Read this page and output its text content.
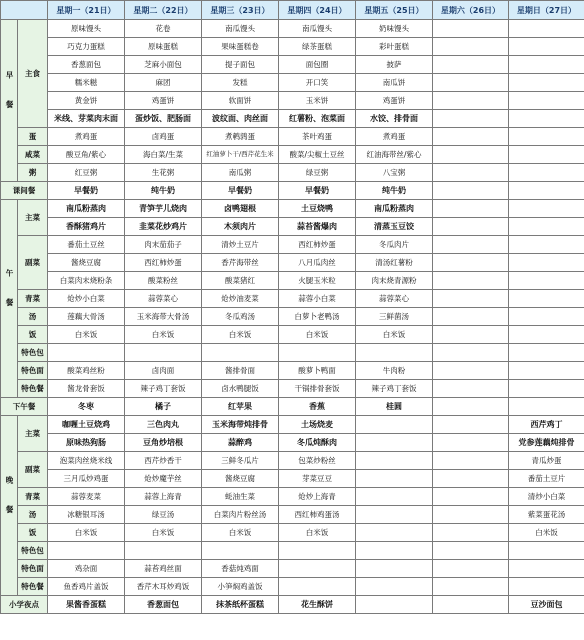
		星期一（21日）	星期二（22日）	星期三（23日）	星期四（24日）	星期五（25日）	星期六（26日）	星期日（27日）

早餐	主食	原味馒头	花卷	南瓜馒头	南瓜馒头	奶味馒头		
		巧克力蛋糕	原味蛋糕	果味蛋糕卷	绿茶蛋糕	彩叶蛋糕		
		香葱面包	芝麻小面包	提子面包	面包圈	披萨		
		糯米糍	麻团	发糕	开口笑	南瓜饼		
		黄金饼	鸡蛋饼	软面饼	玉米饼	鸡蛋饼		
		米线、芽菜肉末面	蛋炒饭、肥肠面	波纹面、肉丝面	红薯粉、泡菜面	水饺、排骨面		
	蛋	煮鸡蛋	卤鸡蛋	煮鹌鹑蛋	茶叶鸡蛋	煮鸡蛋		
	咸菜	酸豆角/紫心	海白菜/生菜	红油萝卜干/西芹花生米	酸菜/尖椒土豆丝	红油海带丝/紫心		
	粥	红豆粥	生花粥	南瓜粥	绿豆粥	八宝粥		
课间餐		早餐奶	纯牛奶	早餐奶	早餐奶	纯牛奶		

午餐	主菜	南瓜粉蒸肉	青笋芋儿烧肉	卤鸭翅根	土豆烧鸭	南瓜粉蒸肉		
		香酥猪鸡片	韭菜花炒鸡片	木须肉片	蒜苔酱爆肉	清蒸玉豆饺		
	副菜	番茄土豆丝	肉末茄茄子	清炒土豆片	西红柿炒蛋	冬瓜肉片		
		酱烧豆腐	西红柿炒蛋	香芹海带丝	八月瓜肉丝	清汤红薯粉		
		白菜肉末烧粉条	酸菜粉丝	酸菜猪红	火腿玉米粒	肉末烧青源粉		
	青菜	炝炒小白菜	蒜蓉菜心	炝炒油麦菜	蒜蓉小白菜	蒜蓉菜心		
	汤	莲藕大骨汤	玉米海带大骨汤	冬瓜鸡汤	白萝卜老鸭汤	三鲜菌汤		
	饭	白米饭	白米饭	白米饭	白米饭	白米饭		
	特色包							
	特色面	酸菜鸡丝粉	卤肉面	酱排骨面	酸萝卜鸭面	牛肉粉		
	特色餐	酱龙骨套饭	辣子鸡丁套饭	卤水鸭腿饭	干锅排骨套饭	辣子鸡丁套饭		
下午餐		冬枣	橘子	红苹果	香蕉	桂圆		

晚餐	主菜	咖喱土豆烧鸡	三色肉丸	玉米海带炖排骨	土场烧麦			西芹鸡丁
		原味热狗肠	豆角炒培根	蒜醉鸡	冬瓜炖酥肉			党参莲藕炖排骨
	副菜	泡菜肉丝烧米线	西芹炒香干	三鲜冬瓜片	包菜炒粉丝			青瓜炒蛋
		三月瓜炒鸡蛋	炝炒魔芋丝	酱烧豆腐	芽菜豆豆			番茄土豆片
	青菜	蒜蓉麦菜	蒜蓉上海青	蚝油生菜	炝炒上海青			清炒小白菜
	汤	冰糖银耳汤	绿豆汤	白菜肉片粉丝汤	西红柿鸡蛋汤			紫菜蛋花汤
	饭	白米饭	白米饭	白米饭	白米饭			白米饭
	特色包							
	特色面	鸡杂面	蒜苔鸡丝面	香菇炖鸡面				
	特色餐	鱼香鸡片盖饭	香芹木耳炒鸡饭	小笋焖鸡盖饭				
小学夜点		果酱香蛋糕	香葱面包	抹茶纸杯蛋糕	花生酥饼			豆沙面包
